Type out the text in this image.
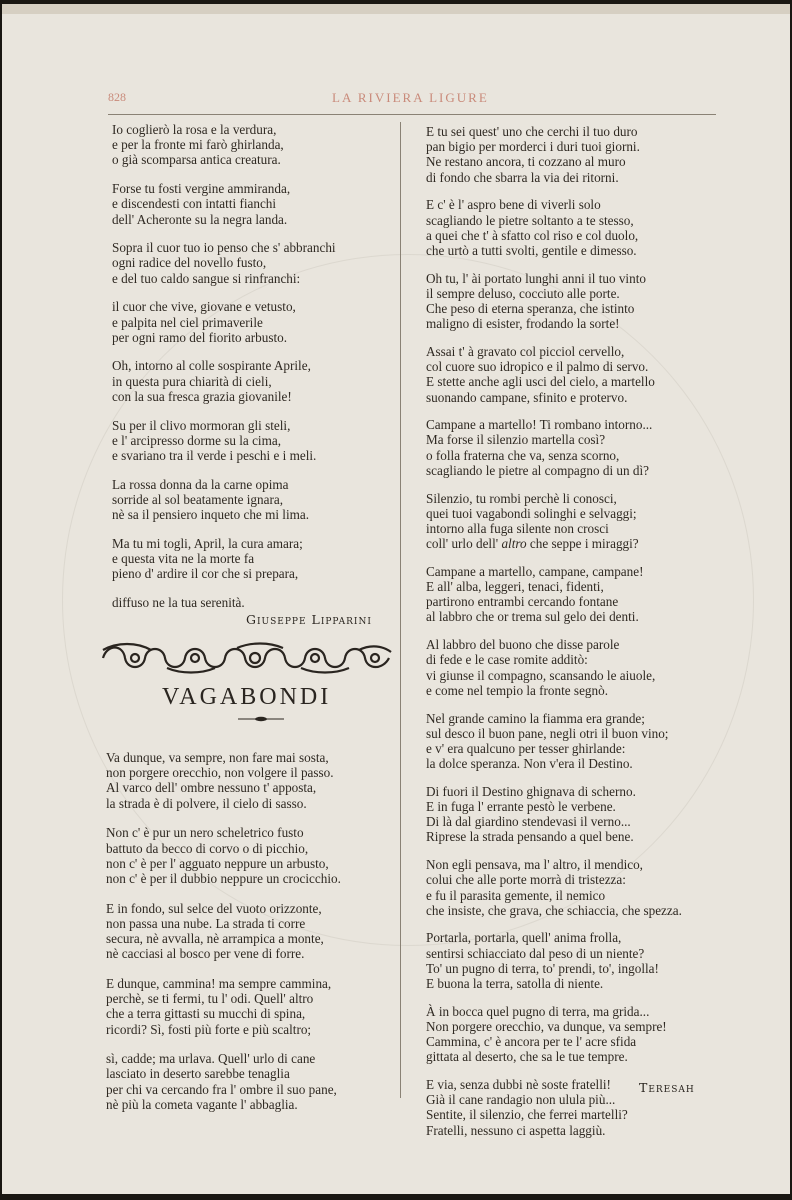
828	LA RIVIERA LIGURE
Io coglierò la rosa e la verdura,
e per la fronte mi farò ghirlanda,
o già scomparsa antica creatura.
Forse tu fosti vergine ammiranda,
e discendesti con intatti fianchi
dell' Acheronte su la negra landa.
Sopra il cuor tuo io penso che s' abbranchi
ogni radice del novello fusto,
e del tuo caldo sangue si rinfranchi:
il cuor che vive, giovane e vetusto,
e palpita nel ciel primaverile
per ogni ramo del fiorito arbusto.
Oh, intorno al colle sospirante Aprile,
in questa pura chiarità di cieli,
con la sua fresca grazia giovanile!
Su per il clivo mormoran gli steli,
e l' arcipresso dorme su la cima,
e svariano tra il verde i peschi e i meli.
La rossa donna da la carne opima
sorride al sol beatamente ignara,
nè sa il pensiero inqueto che mi lima.
Ma tu mi togli, April, la cura amara;
e questa vita ne la morte fa
pieno d' ardire il cor che si prepara,
diffuso ne la tua serenità.
Giuseppe Lipparini
VAGABONDI
Va dunque, va sempre, non fare mai sosta,
non porgere orecchio, non volgere il passo.
Al varco dell' ombre nessuno t' apposta,
la strada è di polvere, il cielo di sasso.
Non c' è pur un nero scheletrico fusto
battuto da becco di corvo o di picchio,
non c' è per l' agguato neppure un arbusto,
non c' è per il dubbio neppure un crocicchio.
E in fondo, sul selce del vuoto orizzonte,
non passa una nube. La strada ti corre
secura, nè avvalla, nè arrampica a monte,
nè cacciasi al bosco per vene di forre.
E dunque, cammina! ma sempre cammina,
perchè, se ti fermi, tu l' odi. Quell' altro
che a terra gittasti su mucchi di spina,
ricordi? Sì, fosti più forte e più scaltro;
sì, cadde; ma urlava. Quell' urlo di cane
lasciato in deserto sarebbe tenaglia
per chi va cercando fra l' ombre il suo pane,
nè più la cometa vagante l' abbaglia.
E tu sei quest' uno che cerchi il tuo duro
pan bigio per morderci i duri tuoi giorni.
Ne restano ancora, ti cozzano al muro
di fondo che sbarra la via dei ritorni.
E c' è l' aspro bene di viverli solo
scagliando le pietre soltanto a te stesso,
a quei che t' à sfatto col riso e col duolo,
che urtò a tutti svolti, gentile e dimesso.
Oh tu, l' ài portato lunghi anni il tuo vinto
il sempre deluso, cocciuto alle porte.
Che peso di eterna speranza, che istinto
maligno di esister, frodando la sorte!
Assai t' à gravato col picciol cervello,
col cuore suo idropico e il palmo di servo.
E stette anche agli usci del cielo, a martello
suonando campane, sfinito e protervo.
Campane a martello! Ti rombano intorno...
Ma forse il silenzio martella così?
o folla fraterna che va, senza scorno,
scagliando le pietre al compagno di un dì?
Silenzio, tu rombi perchè li conosci,
quei tuoi vagabondi solinghi e selvaggi;
intorno alla fuga silente non crosci
coll' urlo dell' altro che seppe i miraggi?
Campane a martello, campane, campane!
E all' alba, leggeri, tenaci, fidenti,
partirono entrambi cercando fontane
al labbro che or trema sul gelo dei denti.
Al labbro del buono che disse parole
di fede e le case romite additò:
vi giunse il compagno, scansando le aiuole,
e come nel tempio la fronte segnò.
Nel grande camino la fiamma era grande;
sul desco il buon pane, negli otri il buon vino;
e v' era qualcuno per tesser ghirlande:
la dolce speranza. Non v'era il Destino.
Di fuori il Destino ghignava di scherno.
E in fuga l' errante pestò le verbene.
Di là dal giardino stendevasi il verno...
Riprese la strada pensando a quel bene.
Non egli pensava, ma l' altro, il mendico,
colui che alle porte morrà di tristezza:
e fu il parasita gemente, il nemico
che insiste, che grava, che schiaccia, che spezza.
Portarla, portarla, quell' anima frolla,
sentirsi schiacciato dal peso di un niente?
To' un pugno di terra, to' prendi, to', ingolla!
E buona la terra, satolla di niente.
À in bocca quel pugno di terra, ma grida...
Non porgere orecchio, va dunque, va sempre!
Cammina, c' è ancora per te l' acre sfida
gittata al deserto, che sa le tue tempre.
E via, senza dubbi nè soste fratelli!
Già il cane randagio non ulula più...
Sentite, il silenzio, che ferrei martelli?
Fratelli, nessuno ci aspetta laggiù.
Teresah
